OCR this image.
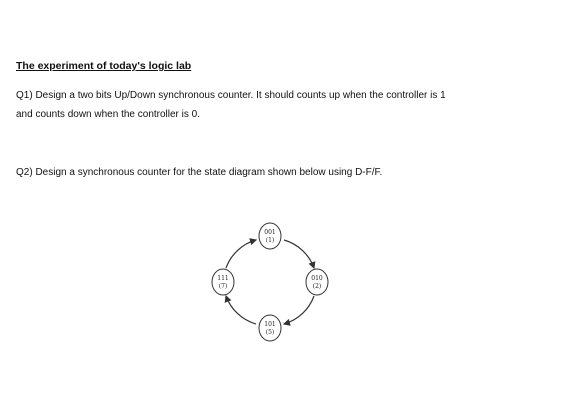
The experiment of today's logic lab
Q1) Design a two bits Up/Down synchronous counter. It should counts up when the controller is 1
and counts down when the controller is 0.
Q2) Design a synchronous counter for the state diagram shown below using D-F/F.
001
(1)
010
(2)
101
(5)
111
(7)
